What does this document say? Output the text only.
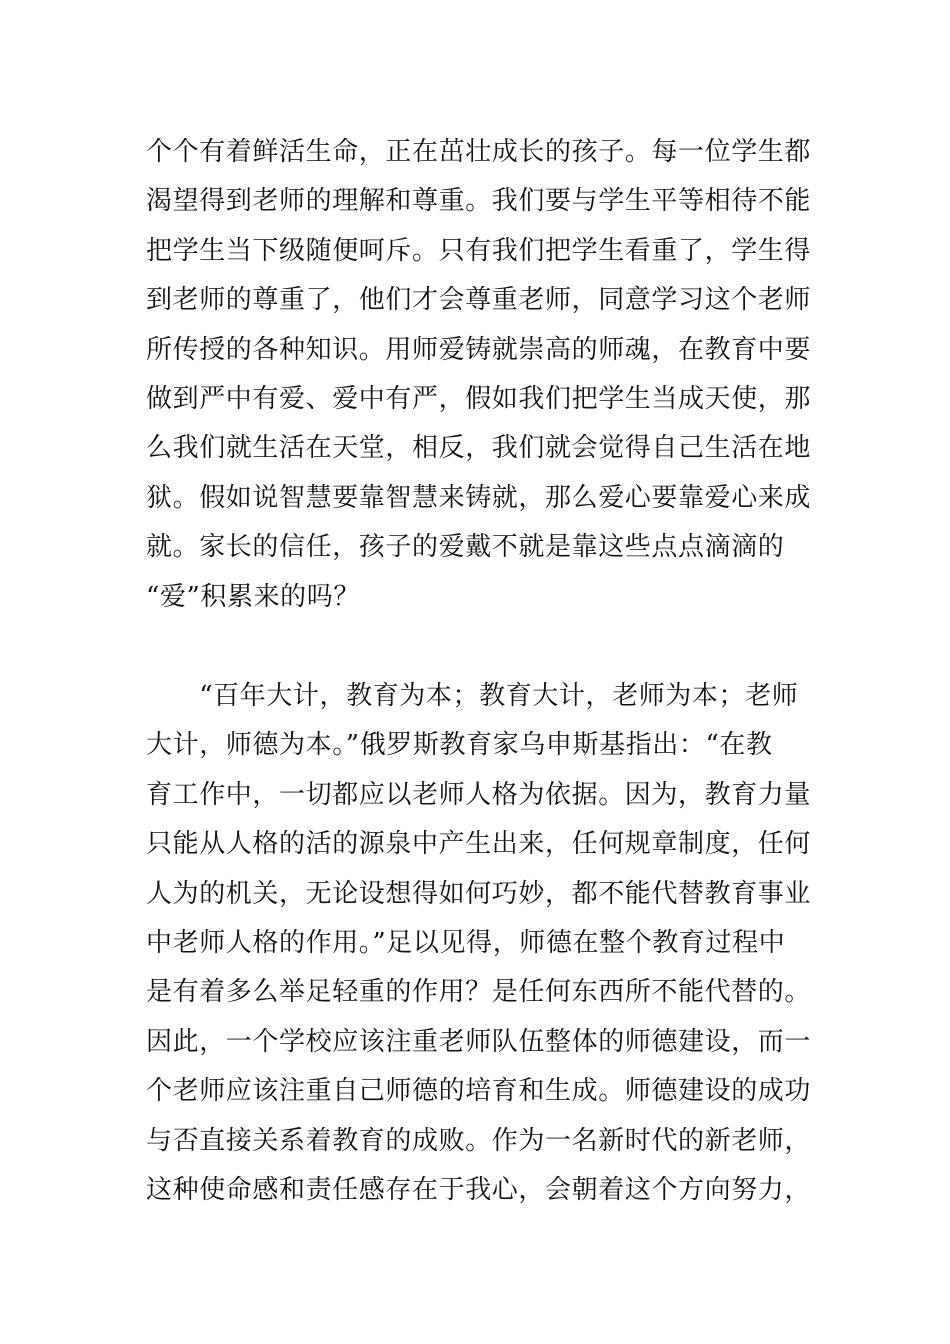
个个有着鲜活生命，正在茁壮成长的孩子。每一位学生都
渴望得到老师的理解和尊重。我们要与学生平等相待不能
把学生当下级随便呵斥。只有我们把学生看重了，学生得
到老师的尊重了，他们才会尊重老师，同意学习这个老师
所传授的各种知识。用师爱铸就崇高的师魂，在教育中要
做到严中有爱、爱中有严，假如我们把学生当成天使，那
么我们就生活在天堂，相反，我们就会觉得自己生活在地
狱。假如说智慧要靠智慧来铸就，那么爱心要靠爱心来成
就。家长的信任，孩子的爱戴不就是靠这些点点滴滴的
“爱”积累来的吗？

　　“百年大计，教育为本；教育大计，老师为本；老师
大计，师德为本。”俄罗斯教育家乌申斯基指出：“在教
育工作中，一切都应以老师人格为依据。因为，教育力量
只能从人格的活的源泉中产生出来，任何规章制度，任何
人为的机关，无论设想得如何巧妙，都不能代替教育事业
中老师人格的作用。”足以见得，师德在整个教育过程中
是有着多么举足轻重的作用？是任何东西所不能代替的。
因此，一个学校应该注重老师队伍整体的师德建设，而一
个老师应该注重自己师德的培育和生成。师德建设的成功
与否直接关系着教育的成败。作为一名新时代的新老师，
这种使命感和责任感存在于我心，会朝着这个方向努力，
